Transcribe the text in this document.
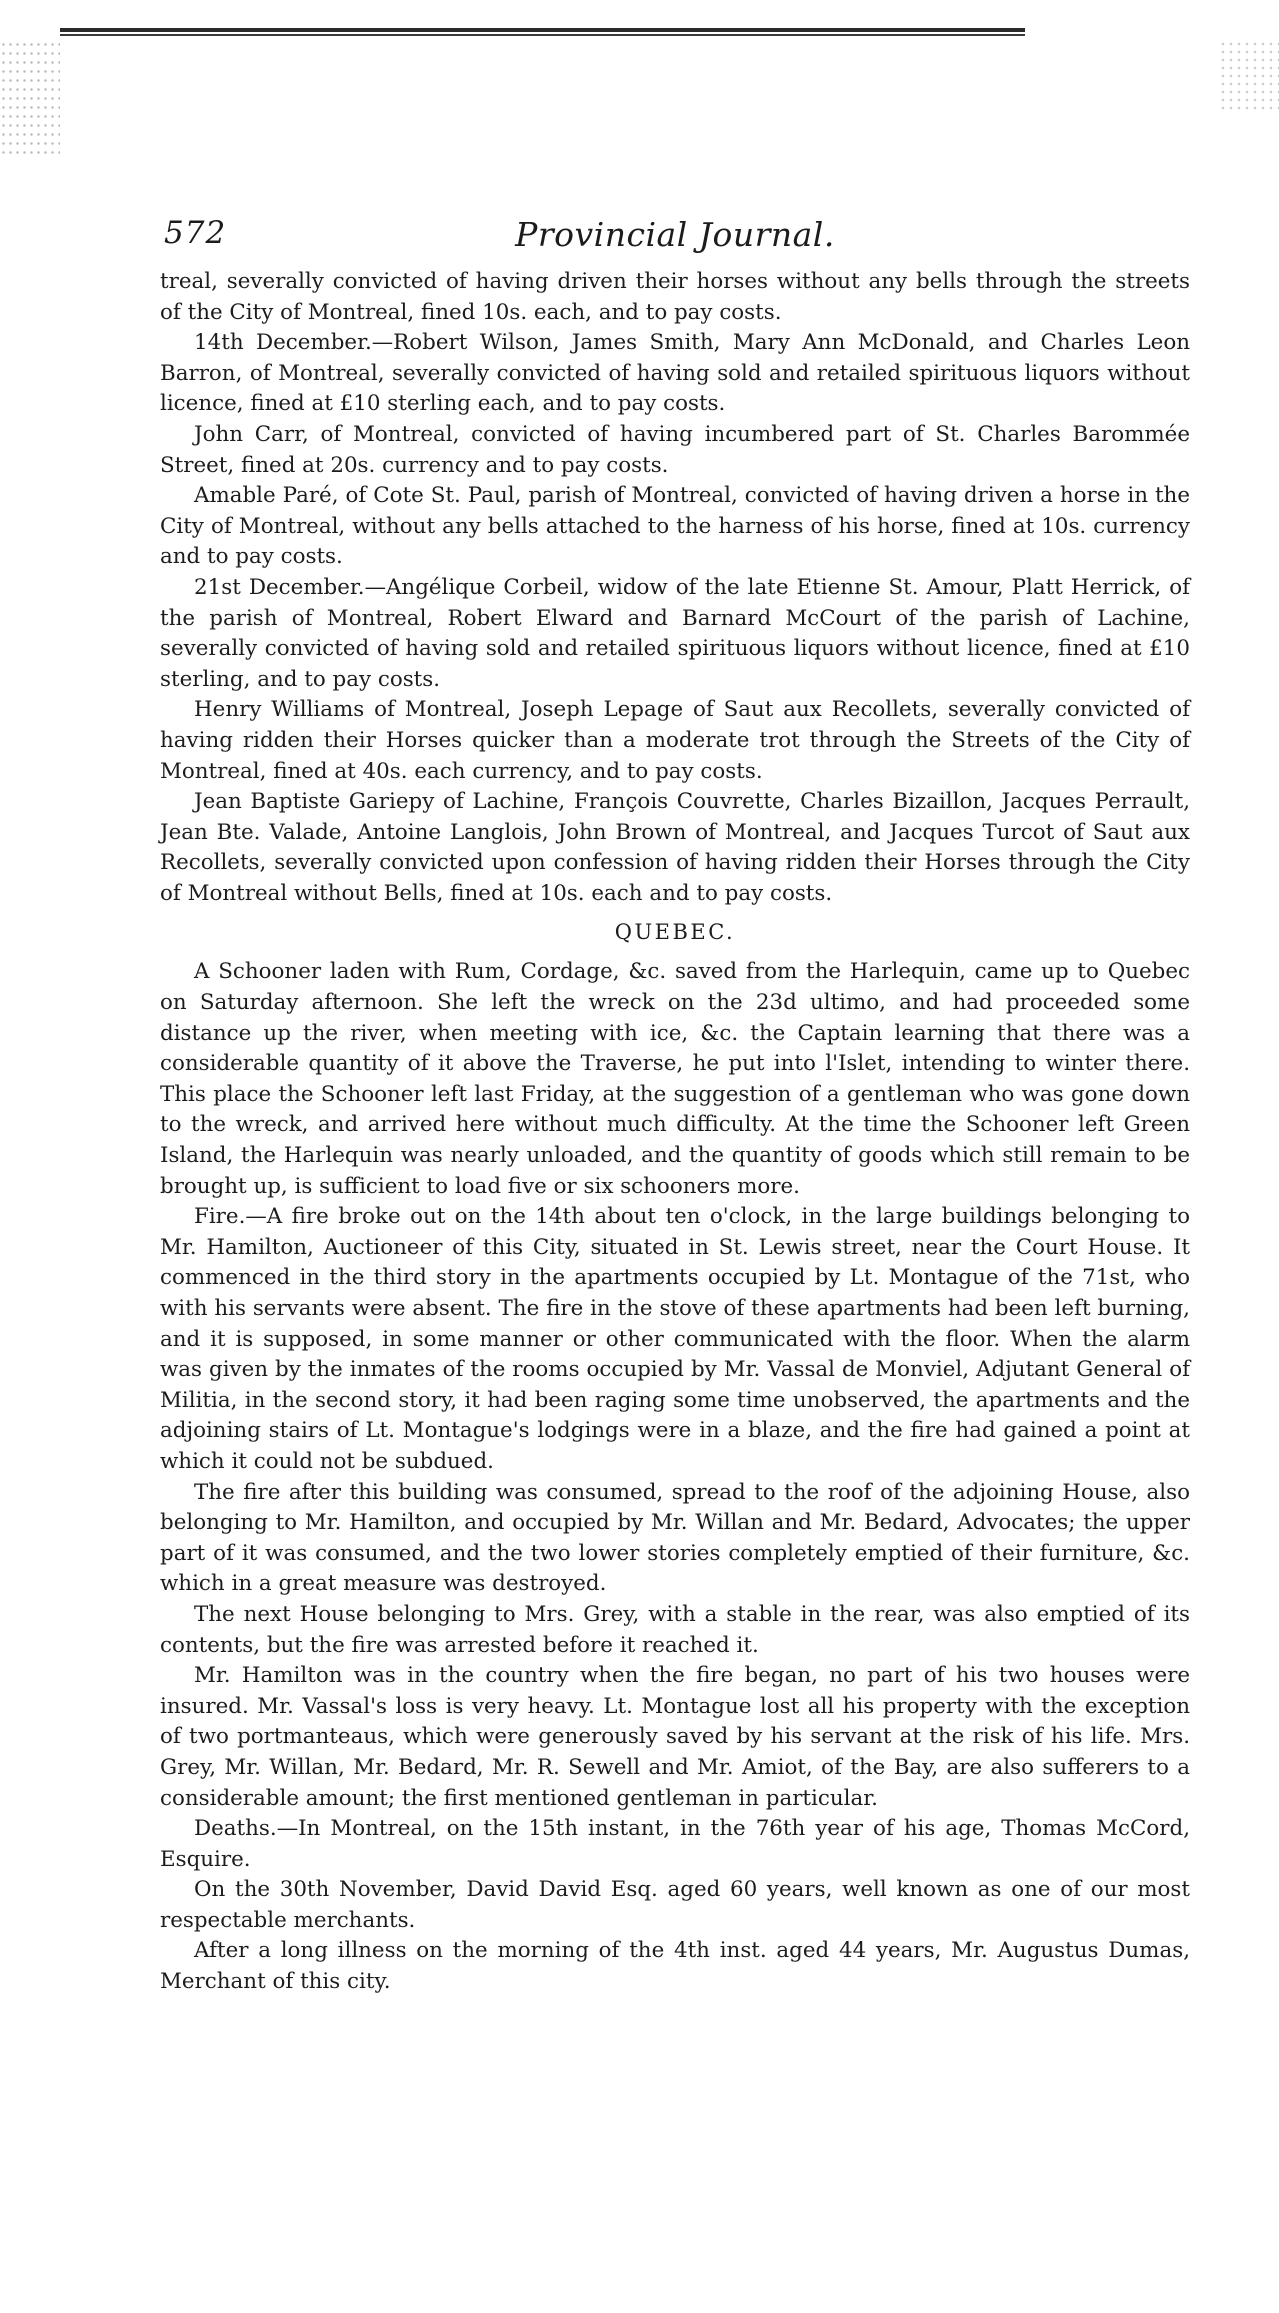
572	Provincial Journal.

treal, severally convicted of having driven their horses without any bells through the streets of the City of Montreal, fined 10s. each, and to pay costs.

14th December.—Robert Wilson, James Smith, Mary Ann McDonald, and Charles Leon Barron, of Montreal, severally convicted of having sold and retailed spirituous liquors without licence, fined at £10 sterling each, and to pay costs.

John Carr, of Montreal, convicted of having incumbered part of St. Charles Barommée Street, fined at 20s. currency and to pay costs.

Amable Paré, of Cote St. Paul, parish of Montreal, convicted of having driven a horse in the City of Montreal, without any bells attached to the harness of his horse, fined at 10s. currency and to pay costs.

21st December.—Angélique Corbeil, widow of the late Etienne St. Amour, Platt Herrick, of the parish of Montreal, Robert Elward and Barnard McCourt of the parish of Lachine, severally convicted of having sold and retailed spirituous liquors without licence, fined at £10 sterling, and to pay costs.

Henry Williams of Montreal, Joseph Lepage of Saut aux Recollets, severally convicted of having ridden their Horses quicker than a moderate trot through the Streets of the City of Montreal, fined at 40s. each currency, and to pay costs.

Jean Baptiste Gariepy of Lachine, François Couvrette, Charles Bizaillon, Jacques Perrault, Jean Bte. Valade, Antoine Langlois, John Brown of Montreal, and Jacques Turcot of Saut aux Recollets, severally convicted upon confession of having ridden their Horses through the City of Montreal without Bells, fined at 10s. each and to pay costs.

QUEBEC.

A Schooner laden with Rum, Cordage, &c. saved from the Harlequin, came up to Quebec on Saturday afternoon. She left the wreck on the 23d ultimo, and had proceeded some distance up the river, when meeting with ice, &c. the Captain learning that there was a considerable quantity of it above the Traverse, he put into l'Islet, intending to winter there. This place the Schooner left last Friday, at the suggestion of a gentleman who was gone down to the wreck, and arrived here without much difficulty. At the time the Schooner left Green Island, the Harlequin was nearly unloaded, and the quantity of goods which still remain to be brought up, is sufficient to load five or six schooners more.

Fire.—A fire broke out on the 14th about ten o'clock, in the large buildings belonging to Mr. Hamilton, Auctioneer of this City, situated in St. Lewis street, near the Court House. It commenced in the third story in the apartments occupied by Lt. Montague of the 71st, who with his servants were absent. The fire in the stove of these apartments had been left burning, and it is supposed, in some manner or other communicated with the floor. When the alarm was given by the inmates of the rooms occupied by Mr. Vassal de Monviel, Adjutant General of Militia, in the second story, it had been raging some time unobserved, the apartments and the adjoining stairs of Lt. Montague's lodgings were in a blaze, and the fire had gained a point at which it could not be subdued.

The fire after this building was consumed, spread to the roof of the adjoining House, also belonging to Mr. Hamilton, and occupied by Mr. Willan and Mr. Bedard, Advocates; the upper part of it was consumed, and the two lower stories completely emptied of their furniture, &c. which in a great measure was destroyed.

The next House belonging to Mrs. Grey, with a stable in the rear, was also emptied of its contents, but the fire was arrested before it reached it.

Mr. Hamilton was in the country when the fire began, no part of his two houses were insured. Mr. Vassal's loss is very heavy. Lt. Montague lost all his property with the exception of two portmanteaus, which were generously saved by his servant at the risk of his life. Mrs. Grey, Mr. Willan, Mr. Bedard, Mr. R. Sewell and Mr. Amiot, of the Bay, are also sufferers to a considerable amount; the first mentioned gentleman in particular.

Deaths.—In Montreal, on the 15th instant, in the 76th year of his age, Thomas McCord, Esquire.

On the 30th November, David David Esq. aged 60 years, well known as one of our most respectable merchants.

After a long illness on the morning of the 4th inst. aged 44 years, Mr. Augustus Dumas, Merchant of this city.
